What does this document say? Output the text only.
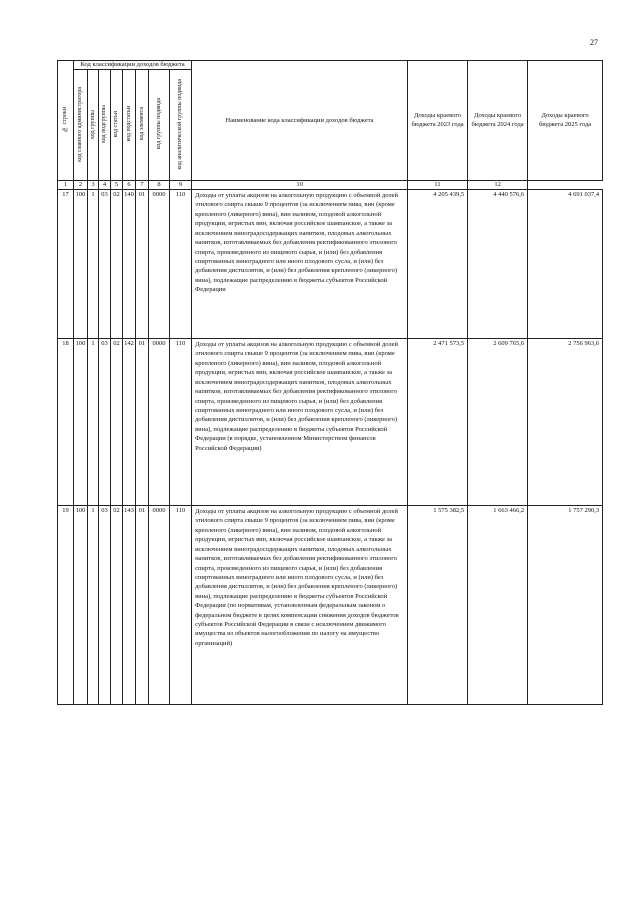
27
№ строки	Код классификации доходов бюджета								Наименование кода классификации доходов бюджета	Доходы краевого бюджета 2023 года	Доходы краевого бюджета 2024 года	Доходы краевого бюджета 2025 года
	код главного администратора	код группы	код подгруппы	код статьи	код подстатьи	код элемента	код группы подвида	код аналитической группы подвида				
1	2	3	4	5	6	7	8	9	10	11	12	
17	100	1	03	02	140	01	0000	110	Доходы от уплаты акцизов на алкогольную продукцию с объемной долей этилового спирта свыше 9 процентов (за исключением пива, вин (кроме крепленого (ликерного) вина), вин наливом, плодовой алкогольной продукции, игристых вин, включая российское шампанское, а также за исключением виноградосодержащих напитков, плодовых алкогольных напитков, изготавливаемых без добавления ректификованного этилового спирта, произведенного из пищевого сырья, и (или) без добавления спиртованных виноградного или иного плодового сусла, и (или) без добавления дистиллятов, и (или) без добавления крепленого (ликерного) вина), подлежащие распределению в бюджеты субъектов Российской Федерации	4 205 439,5	4 440 576,6	4 691 037,4
18	100	1	03	02	142	01	0000	110	Доходы от уплаты акцизов на алкогольную продукцию с объемной долей этилового спирта свыше 9 процентов (за исключением пива, вин (кроме крепленого (ликерного) вина), вин наливом, плодовой алкогольной продукции, игристых вин, включая российское шампанское, а также за исключением виноградосодержащих напитков, плодовых алкогольных напитков, изготавливаемых без добавления ректификованного этилового спирта, произведенного из пищевого сырья, и (или) без добавления спиртованных виноградного или иного плодового сусла, и (или) без добавления дистиллятов, и (или) без добавления крепленого (ликерного) вина), подлежащие распределению в бюджеты субъектов Российской Федерации (в порядке, установленном Министерством финансов Российской Федерации)	2 471 573,5	2 609 765,6	2 756 963,6
19	100	1	03	02	143	01	0000	110	Доходы от уплаты акцизов на алкогольную продукцию с объемной долей этилового спирта свыше 9 процентов (за исключением пива, вин (кроме крепленого (ликерного) вина), вин наливом, плодовой алкогольной продукции, игристых вин, включая российское шампанское, а также за исключением виноградосодержащих напитков, плодовых алкогольных напитков, изготавливаемых без добавления ректификованного этилового спирта, произведенного из пищевого сырья, и (или) без добавления спиртованных виноградного или иного плодового сусла, и (или) без добавления дистиллятов, и (или) без добавления крепленого (ликерного) вина), подлежащие распределению в бюджеты субъектов Российской Федерации (по нормативам, установленным федеральным законом о федеральном бюджете в целях компенсации снижения доходов бюджетов субъектов Российской Федерации в связи с исключением движимого имущества из объектов налогообложения по налогу на имущество организаций)	1 575 382,5	1 663 466,2	1 757 290,3
·
